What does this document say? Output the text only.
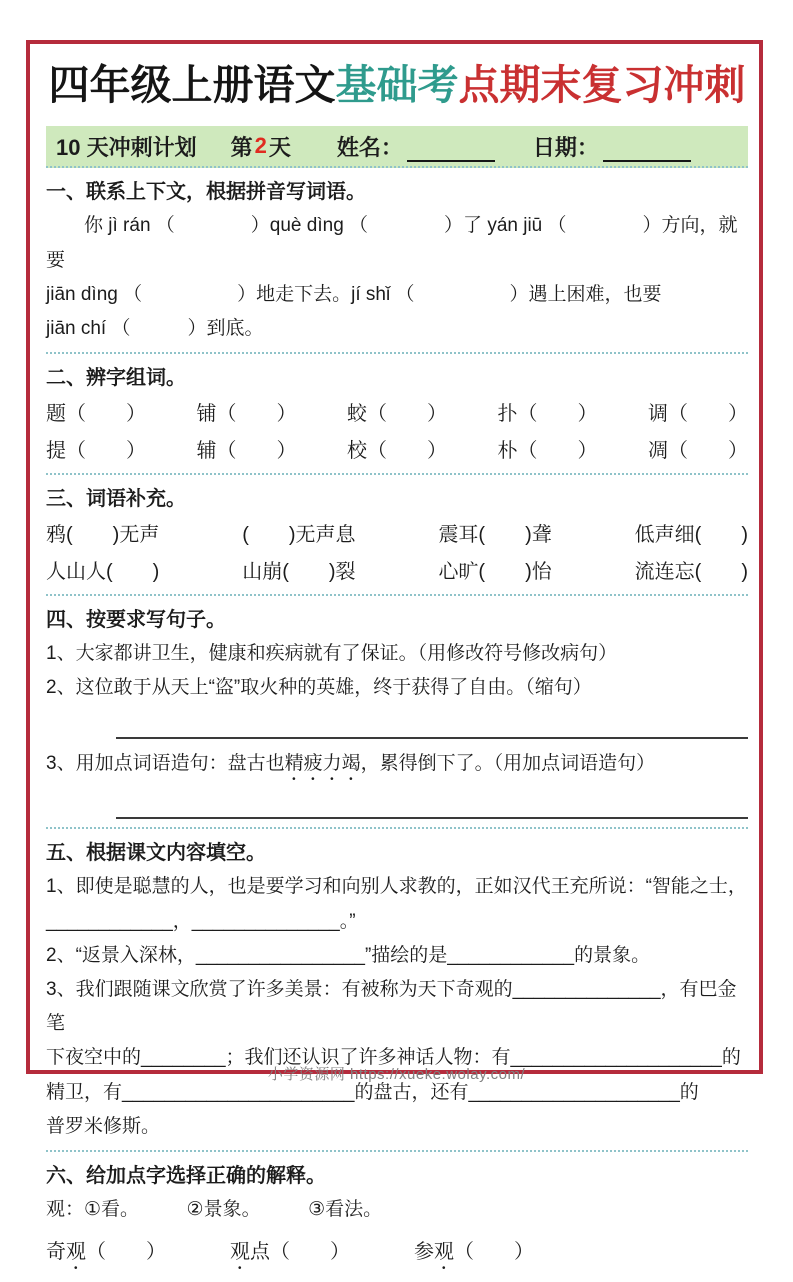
四年级上册语文基础考点期末复习冲刺
10 天冲刺计划 第 2 天 姓名：	日期：
一、联系上下文，根据拼音写词语。

你 jì rán （　　　　）què dìng （　　　　）了 yán jiū （　　　　）方向，就要

jiān dìng （　　　　　）地走下去。jí shǐ （　　　　　）遇上困难，也要

jiān chí （　　　）到底。

二、辨字组词。
题（　　）	铺（　　）	蛟（　　）	扑（　　）	调（　　）
提（　　）	辅（　　）	校（　　）	朴（　　）	凋（　　）
三、词语补充。
鸦(　　)无声	(　　)无声息	震耳(　　)聋	低声细(　　)
人山人(　　)	山崩(　　)裂	心旷(　　)怡	流连忘(　　)
四、按要求写句子。

1、大家都讲卫生，健康和疾病就有了保证。（用修改符号修改病句）

2、这位敢于从天上“盗”取火种的英雄，终于获得了自由。（缩句）

3、用加点词语造句：盘古也精疲力竭，累得倒下了。（用加点词语造句）

五、根据课文内容填空。

1、即使是聪慧的人，也是要学习和向别人求教的，正如汉代王充所说：“智能之士，

____________，______________。”

2、“返景入深林，________________”描绘的是____________的景象。

3、我们跟随课文欣赏了许多美景：有被称为天下奇观的______________，有巴金笔

下夜空中的________；我们还认识了许多神话人物：有____________________的

精卫，有______________________的盘古，还有____________________的

普罗米修斯。

六、给加点字选择正确的解释。

观：①看。　　　②景象。　　　③看法。

奇观（　　）	观点（　　）	参观（　　）
小学资源网 https://xueke.wolay.com/
